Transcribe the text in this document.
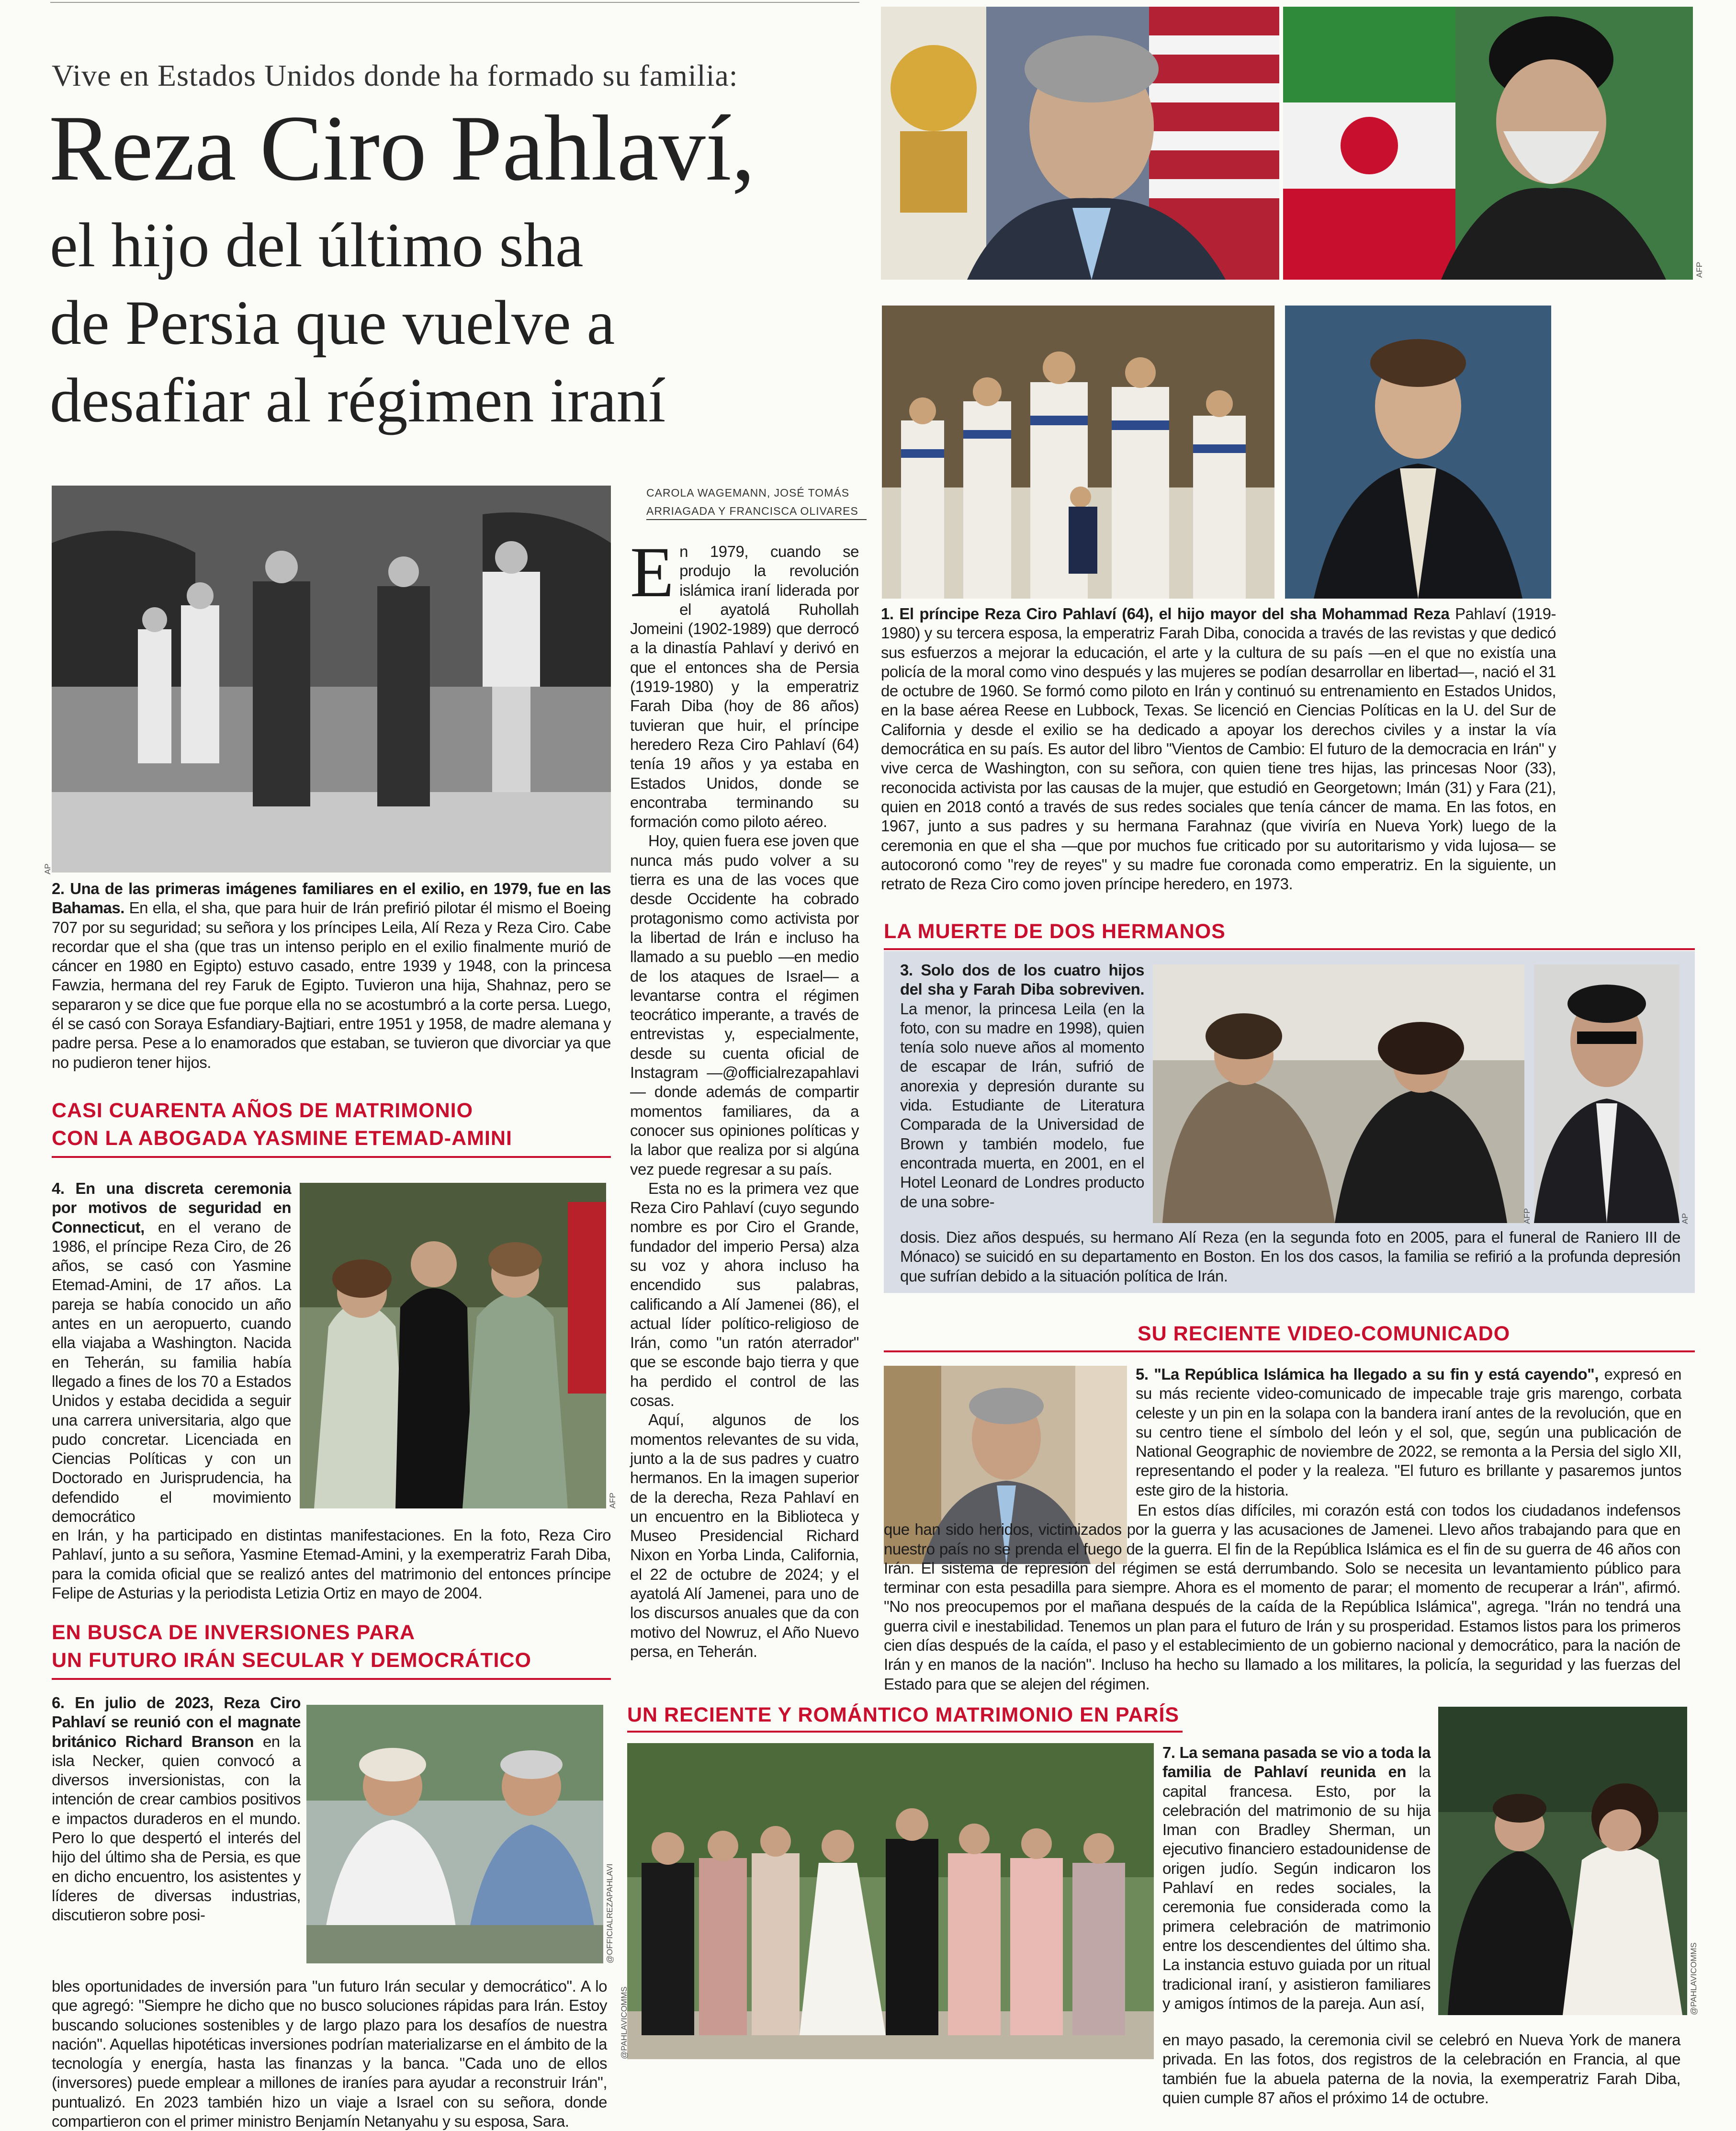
Vive en Estados Unidos donde ha formado su familia:
Reza Ciro Pahlaví,
el hijo del último sha
de Persia que vuelve a
desafiar al régimen iraní
AFP
1. El príncipe Reza Ciro Pahlaví (64), el hijo mayor del sha Mohammad Reza Pahlaví (1919-1980) y su tercera esposa, la emperatriz Farah Diba, conocida a través de las revistas y que dedicó sus esfuerzos a mejorar la educación, el arte y la cultura de su país —en el que no existía una policía de la moral como vino después y las mujeres se podían desarrollar en libertad—, nació el 31 de octubre de 1960. Se formó como piloto en Irán y continuó su entrenamiento en Estados Unidos, en la base aérea Reese en Lubbock, Texas. Se licenció en Ciencias Políticas en la U. del Sur de California y desde el exilio se ha dedicado a apoyar los derechos civiles y a instar la vía democrática en su país. Es autor del libro "Vientos de Cambio: El futuro de la democracia en Irán" y vive cerca de Washington, con su señora, con quien tiene tres hijas, las princesas Noor (33), reconocida activista por las causas de la mujer, que estudió en Georgetown; Imán (31) y Fara (21), quien en 2018 contó a través de sus redes sociales que tenía cáncer de mama. En las fotos, en 1967, junto a sus padres y su hermana Farahnaz (que viviría en Nueva York) luego de la ceremonia en que el sha —que por muchos fue criticado por su autoritarismo y vida lujosa— se autocoronó como "rey de reyes" y su madre fue coronada como emperatriz. En la siguiente, un retrato de Reza Ciro como joven príncipe heredero, en 1973.
AP
2. Una de las primeras imágenes familiares en el exilio, en 1979, fue en las Bahamas. En ella, el sha, que para huir de Irán prefirió pilotar él mismo el Boeing 707 por su seguridad; su señora y los príncipes Leila, Alí Reza y Reza Ciro. Cabe recordar que el sha (que tras un intenso periplo en el exilio finalmente murió de cáncer en 1980 en Egipto) estuvo casado, entre 1939 y 1948, con la princesa Fawzia, hermana del rey Faruk de Egipto. Tuvieron una hija, Shahnaz, pero se separaron y se dice que fue porque ella no se acostumbró a la corte persa. Luego, él se casó con Soraya Esfandiary-Bajtiari, entre 1951 y 1958, de madre alemana y padre persa. Pese a lo enamorados que estaban, se tuvieron que divorciar ya que no pudieron tener hijos.
CAROLA WAGEMANN, JOSÉ TOMÁS
ARRIAGADA Y FRANCISCA OLIVARES
E n 1979, cuando se produjo la revolución islámica iraní liderada por el ayatolá Ruhollah Jomeini (1902-1989) que derrocó a la dinastía Pahlaví y derivó en que el entonces sha de Persia (1919-1980) y la emperatriz Farah Diba (hoy de 86 años) tuvieran que huir, el príncipe heredero Reza Ciro Pahlaví (64) tenía 19 años y ya estaba en Estados Unidos, donde se encontraba terminando su formación como piloto aéreo.

Hoy, quien fuera ese joven que nunca más pudo volver a su tierra es una de las voces que desde Occidente ha cobrado protagonismo como activista por la libertad de Irán e incluso ha llamado a su pueblo —en medio de los ataques de Israel— a levantarse contra el régimen teocrático imperante, a través de entrevistas y, especialmente, desde su cuenta oficial de Instagram —@officialrezapahlavi— donde además de compartir momentos familiares, da a conocer sus opiniones políticas y la labor que realiza por si algúna vez puede regresar a su país.

Esta no es la primera vez que Reza Ciro Pahlaví (cuyo segundo nombre es por Ciro el Grande, fundador del imperio Persa) alza su voz y ahora incluso ha encendido sus palabras, calificando a Alí Jamenei (86), el actual líder político-religioso de Irán, como "un ratón aterrador" que se esconde bajo tierra y que ha perdido el control de las cosas.

Aquí, algunos de los momentos relevantes de su vida, junto a la de sus padres y cuatro hermanos. En la imagen superior de la derecha, Reza Pahlaví en un encuentro en la Biblioteca y Museo Presidencial Richard Nixon en Yorba Linda, California, el 22 de octubre de 2024; y el ayatolá Alí Jamenei, para uno de los discursos anuales que da con motivo del Nowruz, el Año Nuevo persa, en Teherán.

CASI CUARENTA AÑOS DE MATRIMONIO
CON LA ABOGADA YASMINE ETEMAD-AMINI
4. En una discreta ceremonia por motivos de seguridad en Connecticut, en el verano de 1986, el príncipe Reza Ciro, de 26 años, se casó con Yasmine Etemad-Amini, de 17 años. La pareja se había conocido un año antes en un aeropuerto, cuando ella viajaba a Washington. Nacida en Teherán, su familia había llegado a fines de los 70 a Estados Unidos y estaba decidida a seguir una carrera universitaria, algo que pudo concretar. Licenciada en Ciencias Políticas y con un Doctorado en Jurisprudencia, ha defendido el movimiento democrático
AFP
en Irán, y ha participado en distintas manifestaciones. En la foto, Reza Ciro Pahlaví, junto a su señora, Yasmine Etemad-Amini, y la exemperatriz Farah Diba, para la comida oficial que se realizó antes del matrimonio del entonces príncipe Felipe de Asturias y la periodista Letizia Ortiz en mayo de 2004.
EN BUSCA DE INVERSIONES PARA
UN FUTURO IRÁN SECULAR Y DEMOCRÁTICO
6. En julio de 2023, Reza Ciro Pahlaví se reunió con el magnate británico Richard Branson en la isla Necker, quien convocó a diversos inversionistas, con la intención de crear cambios positivos e impactos duraderos en el mundo. Pero lo que despertó el interés del hijo del último sha de Persia, es que en dicho encuentro, los asistentes y líderes de diversas industrias, discutieron sobre posi-	@OFFICIALREZAPAHLAVI
bles oportunidades de inversión para "un futuro Irán secular y democrático". A lo que agregó: "Siempre he dicho que no busco soluciones rápidas para Irán. Estoy buscando soluciones sostenibles y de largo plazo para los desafíos de nuestra nación". Aquellas hipotéticas inversiones podrían materializarse en el ámbito de la tecnología y energía, hasta las finanzas y la banca. "Cada uno de ellos (inversores) puede emplear a millones de iraníes para ayudar a reconstruir Irán", puntualizó. En 2023 también hizo un viaje a Israel con su señora, donde compartieron con el primer ministro Benjamín Netanyahu y su esposa, Sara.
LA MUERTE DE DOS HERMANOS
3. Solo dos de los cuatro hijos del sha y Farah Diba sobreviven. La menor, la princesa Leila (en la foto, con su madre en 1998), quien tenía solo nueve años al momento de escapar de Irán, sufrió de anorexia y depresión durante su vida. Estudiante de Literatura Comparada de la Universidad de Brown y también modelo, fue encontrada muerta, en 2001, en el Hotel Leonard de Londres producto de una sobre-
AFP	AP
dosis. Diez años después, su hermano Alí Reza (en la segunda foto en 2005, para el funeral de Raniero III de Mónaco) se suicidó en su departamento en Boston. En los dos casos, la familia se refirió a la profunda depresión que sufrían debido a la situación política de Irán.
SU RECIENTE VIDEO-COMUNICADO
5. "La República Islámica ha llegado a su fin y está cayendo", expresó en su más reciente video-comunicado de impecable traje gris marengo, corbata celeste y un pin en la solapa con la bandera iraní antes de la revolución, que en su centro tiene el símbolo del león y el sol, que, según una publicación de National Geographic de noviembre de 2022, se remonta a la Persia del siglo XII, representando el poder y la realeza. "El futuro es brillante y pasaremos juntos este giro de la historia.
En estos días difíciles, mi corazón está con todos los ciudadanos indefensos que han sido heridos, victimizados por la guerra y las acusaciones de Jamenei. Llevo años trabajando para que en nuestro país no se prenda el fuego de la guerra. El fin de la República Islámica es el fin de su guerra de 46 años con Irán. El sistema de represión del régimen se está derrumbando. Solo se necesita un levantamiento público para terminar con esta pesadilla para siempre. Ahora es el momento de parar; el momento de recuperar a Irán", afirmó. "No nos preocupemos por el mañana después de la caída de la República Islámica", agrega. "Irán no tendrá una guerra civil e inestabilidad. Tenemos un plan para el futuro de Irán y su prosperidad. Estamos listos para los primeros cien días después de la caída, el paso y el establecimiento de un gobierno nacional y democrático, para la nación de Irán y en manos de la nación". Incluso ha hecho su llamado a los militares, la policía, la seguridad y las fuerzas del Estado para que se alejen del régimen.
UN RECIENTE Y ROMÁNTICO MATRIMONIO EN PARÍS
@PAHLAVICOMMS
7. La semana pasada se vio a toda la familia de Pahlaví reunida en la capital francesa. Esto, por la celebración del matrimonio de su hija Iman con Bradley Sherman, un ejecutivo financiero estadounidense de origen judío. Según indicaron los Pahlaví en redes sociales, la ceremonia fue considerada como la primera celebración de matrimonio entre los descendientes del último sha. La instancia estuvo guiada por un ritual tradicional iraní, y asistieron familiares y amigos íntimos de la pareja. Aun así,	@PAHLAVICOMMS
en mayo pasado, la ceremonia civil se celebró en Nueva York de manera privada. En las fotos, dos registros de la celebración en Francia, al que también fue la abuela paterna de la novia, la exemperatriz Farah Diba, quien cumple 87 años el próximo 14 de octubre.
